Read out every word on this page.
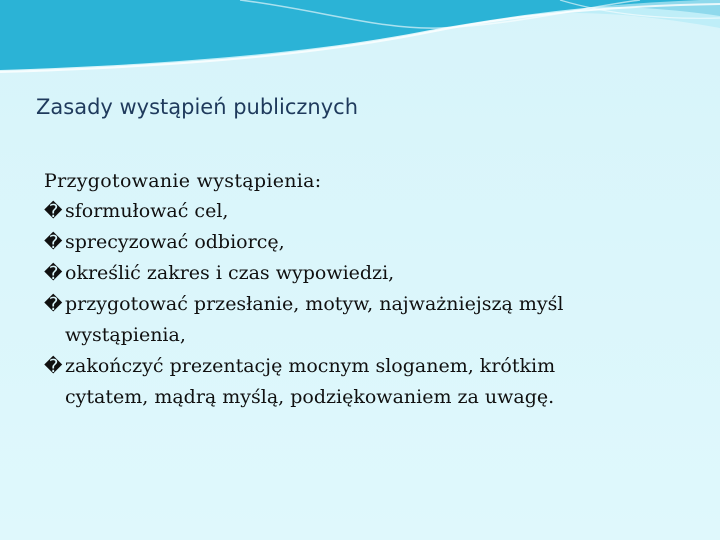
Zasady wystąpień publicznych
Przygotowanie wystąpienia:
� sformułować cel,
� sprecyzować odbiorcę,
� określić zakres i czas wypowiedzi,
� przygotować przesłanie, motyw, najważniejszą myśl wystąpienia,
� zakończyć prezentację mocnym sloganem, krótkim cytatem, mądrą myślą, podziękowaniem za uwagę.
